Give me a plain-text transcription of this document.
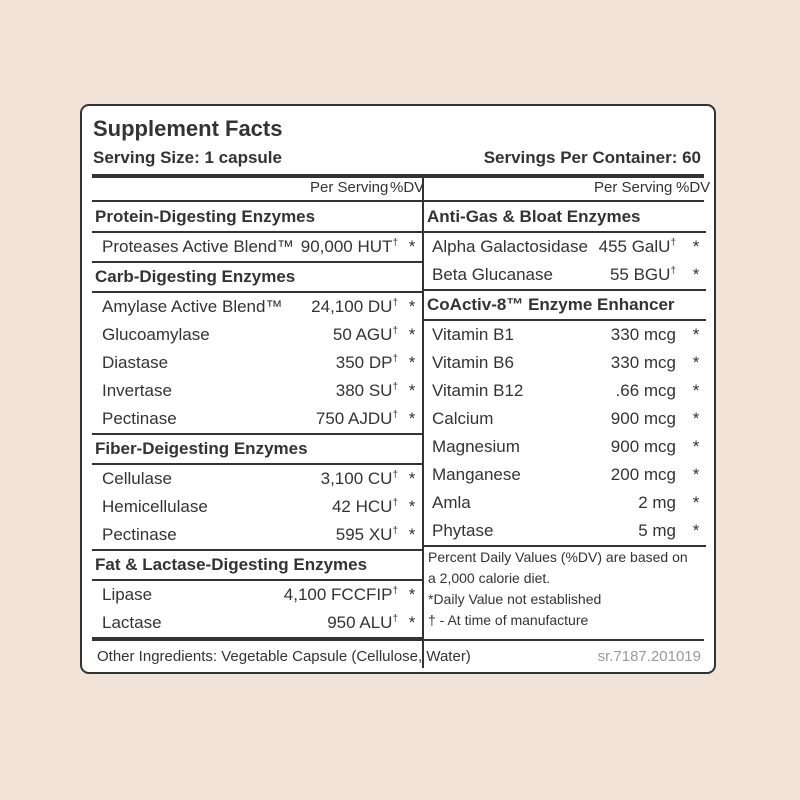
Supplement Facts
Serving Size: 1 capsule	Servings Per Container: 60
Per Serving %DV	Per Serving %DV
Protein-Digesting Enzymes
Proteases Active Blend™ 90,000 HUT† *
Carb-Digesting Enzymes
Amylase Active Blend™ 24,100 DU† *
Glucoamylase	50 AGU† *
Diastase	350 DP† *
Invertase	380 SU† *
Pectinase	750 AJDU† *
Fiber-Deigesting Enzymes
Cellulase	3,100 CU† *
Hemicellulase	42 HCU† *
Pectinase	595 XU† *
Fat & Lactase-Digesting Enzymes
Lipase	4,100 FCCFIP† *
Lactase	950 ALU† *
Anti-Gas & Bloat Enzymes
Alpha Galactosidase 455 GalU† *
Beta Glucanase	55 BGU† *
CoActiv-8™ Enzyme Enhancer
Vitamin B1	330 mcg *
Vitamin B6	330 mcg *
Vitamin B12	.66 mcg *
Calcium	900 mcg *
Magnesium	900 mcg *
Manganese	200 mcg *
Amla	2 mg *
Phytase	5 mg *
Percent Daily Values (%DV) are based on
a 2,000 calorie diet.
*Daily Value not established
† - At time of manufacture
Other Ingredients: Vegetable Capsule (Cellulose, Water)	sr.7187.201019
